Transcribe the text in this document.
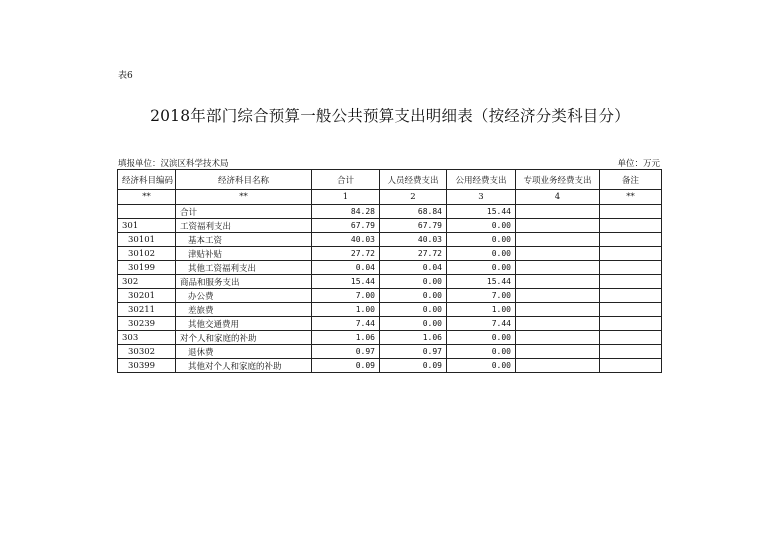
表6
2018年部门综合预算一般公共预算支出明细表（按经济分类科目分）
填报单位：汉滨区科学技术局	单位：万元
经济科目编码	经济科目名称	合计	人员经费支出	公用经费支出	专项业务经费支出	备注
**	**	1	2	3	4	**
	合计	84.28	68.84	15.44		
301	工资福利支出	67.79	67.79	0.00		
30101	基本工资	40.03	40.03	0.00		
30102	津贴补贴	27.72	27.72	0.00		
30199	其他工资福利支出	0.04	0.04	0.00		
302	商品和服务支出	15.44	0.00	15.44		
30201	办公费	7.00	0.00	7.00		
30211	差旅费	1.00	0.00	1.00		
30239	其他交通费用	7.44	0.00	7.44		
303	对个人和家庭的补助	1.06	1.06	0.00		
30302	退休费	0.97	0.97	0.00		
30399	其他对个人和家庭的补助	0.09	0.09	0.00		
